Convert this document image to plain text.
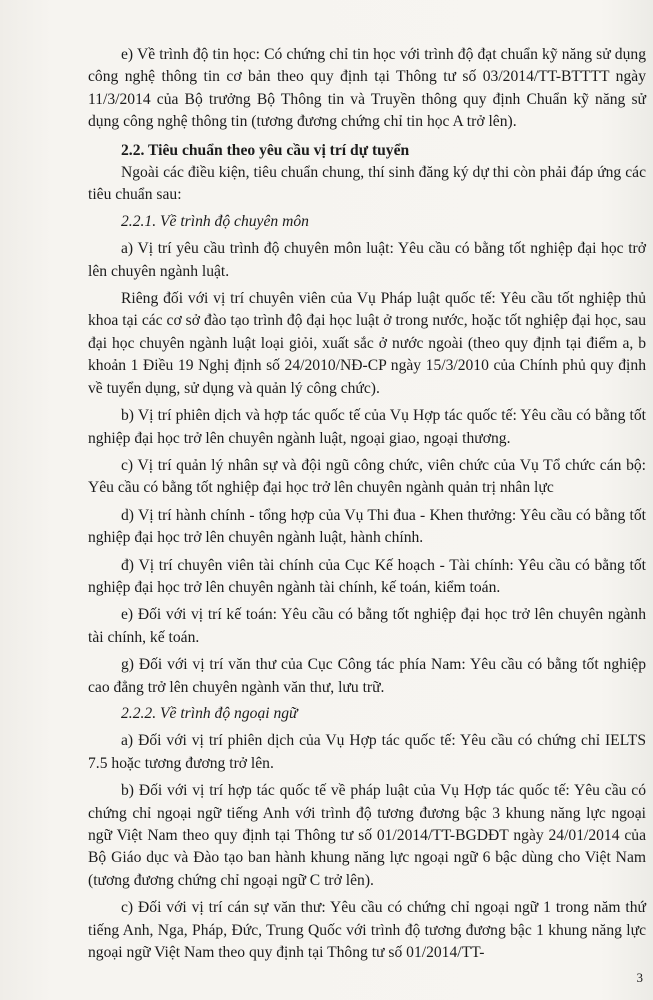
e) Về trình độ tin học: Có chứng chỉ tin học với trình độ đạt chuẩn kỹ năng sử dụng công nghệ thông tin cơ bản theo quy định tại Thông tư số 03/2014/TT-BTTTT ngày 11/3/2014 của Bộ trưởng Bộ Thông tin và Truyền thông quy định Chuẩn kỹ năng sử dụng công nghệ thông tin (tương đương chứng chỉ tin học A trở lên).

2.2. Tiêu chuẩn theo yêu cầu vị trí dự tuyển

Ngoài các điều kiện, tiêu chuẩn chung, thí sinh đăng ký dự thi còn phải đáp ứng các tiêu chuẩn sau:

2.2.1. Về trình độ chuyên môn

a) Vị trí yêu cầu trình độ chuyên môn luật: Yêu cầu có bằng tốt nghiệp đại học trở lên chuyên ngành luật.

Riêng đối với vị trí chuyên viên của Vụ Pháp luật quốc tế: Yêu cầu tốt nghiệp thủ khoa tại các cơ sở đào tạo trình độ đại học luật ở trong nước, hoặc tốt nghiệp đại học, sau đại học chuyên ngành luật loại giỏi, xuất sắc ở nước ngoài (theo quy định tại điểm a, b khoản 1 Điều 19 Nghị định số 24/2010/NĐ-CP ngày 15/3/2010 của Chính phủ quy định về tuyển dụng, sử dụng và quản lý công chức).

b) Vị trí phiên dịch và hợp tác quốc tế của Vụ Hợp tác quốc tế: Yêu cầu có bằng tốt nghiệp đại học trở lên chuyên ngành luật, ngoại giao, ngoại thương.

c) Vị trí quản lý nhân sự và đội ngũ công chức, viên chức của Vụ Tổ chức cán bộ: Yêu cầu có bằng tốt nghiệp đại học trở lên chuyên ngành quản trị nhân lực

d) Vị trí hành chính - tổng hợp của Vụ Thi đua - Khen thưởng: Yêu cầu có bằng tốt nghiệp đại học trở lên chuyên ngành luật, hành chính.

đ) Vị trí chuyên viên tài chính của Cục Kế hoạch - Tài chính: Yêu cầu có bằng tốt nghiệp đại học trở lên chuyên ngành tài chính, kế toán, kiểm toán.

e) Đối với vị trí kế toán: Yêu cầu có bằng tốt nghiệp đại học trở lên chuyên ngành tài chính, kế toán.

g) Đối với vị trí văn thư của Cục Công tác phía Nam: Yêu cầu có bằng tốt nghiệp cao đẳng trở lên chuyên ngành văn thư, lưu trữ.

2.2.2. Về trình độ ngoại ngữ

a) Đối với vị trí phiên dịch của Vụ Hợp tác quốc tế: Yêu cầu có chứng chỉ IELTS 7.5 hoặc tương đương trở lên.

b) Đối với vị trí hợp tác quốc tế về pháp luật của Vụ Hợp tác quốc tế: Yêu cầu có chứng chỉ ngoại ngữ tiếng Anh với trình độ tương đương bậc 3 khung năng lực ngoại ngữ Việt Nam theo quy định tại Thông tư số 01/2014/TT-BGDĐT ngày 24/01/2014 của Bộ Giáo dục và Đào tạo ban hành khung năng lực ngoại ngữ 6 bậc dùng cho Việt Nam (tương đương chứng chỉ ngoại ngữ C trở lên).

c) Đối với vị trí cán sự văn thư: Yêu cầu có chứng chỉ ngoại ngữ 1 trong năm thứ tiếng Anh, Nga, Pháp, Đức, Trung Quốc với trình độ tương đương bậc 1 khung năng lực ngoại ngữ Việt Nam theo quy định tại Thông tư số 01/2014/TT-

3
